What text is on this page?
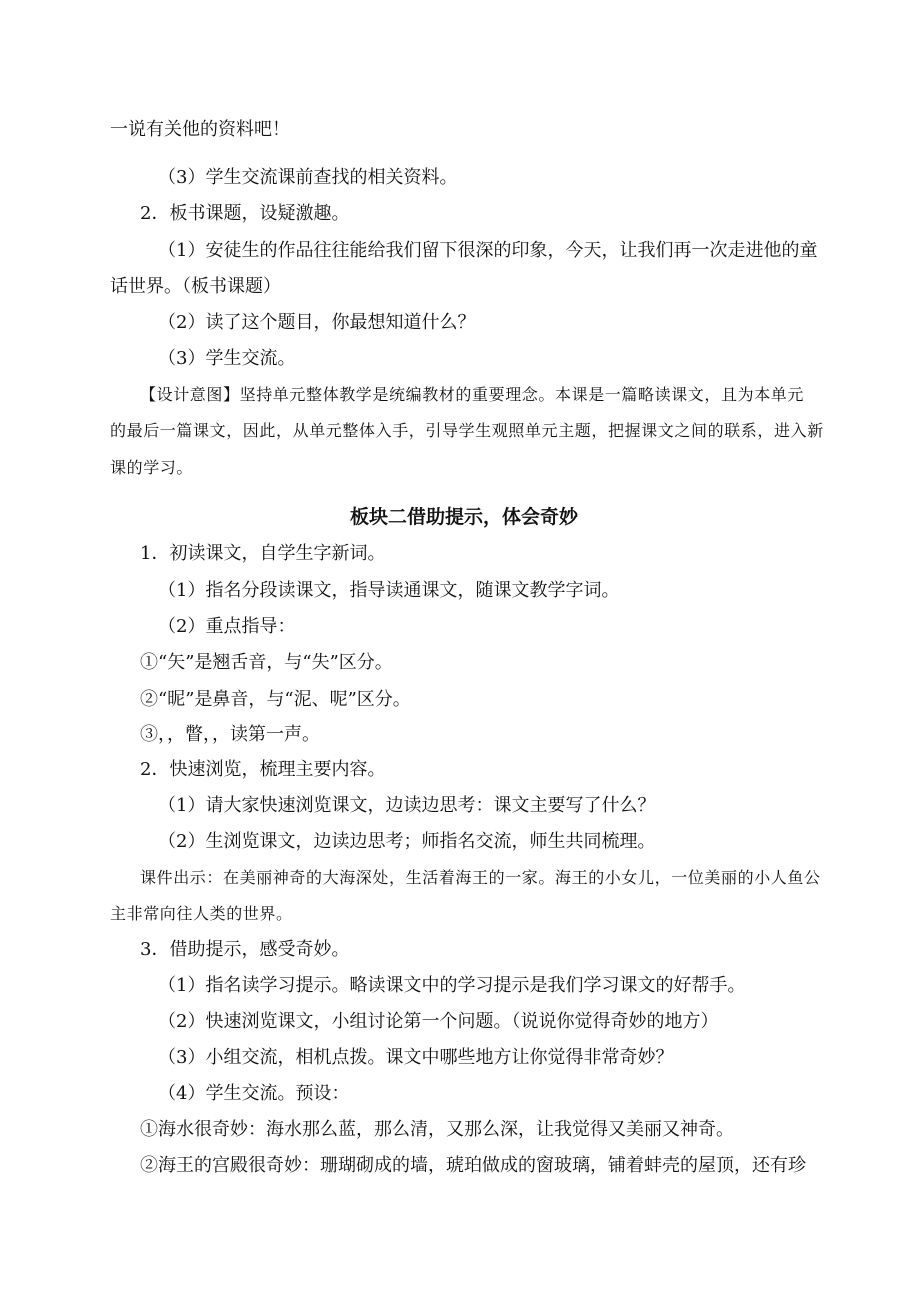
一说有关他的资料吧！
（3）学生交流课前查找的相关资料。
2．板书课题，设疑激趣。
（1）安徒生的作品往往能给我们留下很深的印象，今天，让我们再一次走进他的童
话世界。（板书课题）
（2）读了这个题目，你最想知道什么？
（3）学生交流。
【设计意图】坚持单元整体教学是统编教材的重要理念。本课是一篇略读课文，且为本单元
的最后一篇课文，因此，从单元整体入手，引导学生观照单元主题，把握课文之间的联系，进入新
课的学习。
板块二借助提示，体会奇妙
1．初读课文，自学生字新词。
（1）指名分段读课文，指导读通课文，随课文教学字词。
（2）重点指导：
①“矢”是翘舌音，与“失”区分。
②“昵”是鼻音，与“泥、呢”区分。
③，，瞥，，读第一声。
2．快速浏览，梳理主要内容。
（1）请大家快速浏览课文，边读边思考：课文主要写了什么？
（2）生浏览课文，边读边思考；师指名交流，师生共同梳理。
课件出示：在美丽神奇的大海深处，生活着海王的一家。海王的小女儿，一位美丽的小人鱼公
主非常向往人类的世界。
3．借助提示，感受奇妙。
（1）指名读学习提示。略读课文中的学习提示是我们学习课文的好帮手。
（2）快速浏览课文，小组讨论第一个问题。（说说你觉得奇妙的地方）
（3）小组交流，相机点拨。课文中哪些地方让你觉得非常奇妙？
（4）学生交流。预设：
①海水很奇妙：海水那么蓝，那么清，又那么深，让我觉得又美丽又神奇。
②海王的宫殿很奇妙：珊瑚砌成的墙，琥珀做成的窗玻璃，铺着蚌壳的屋顶，还有珍
